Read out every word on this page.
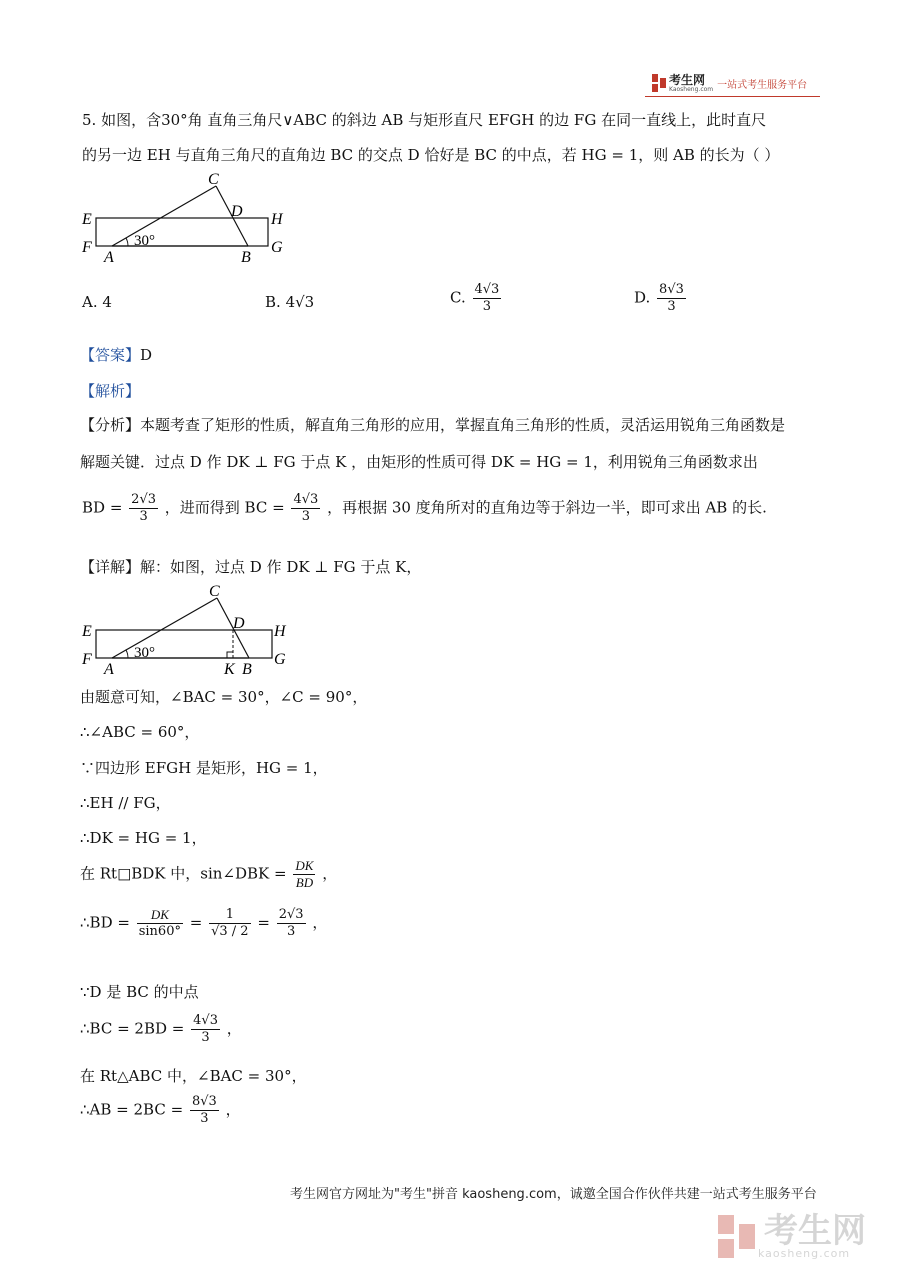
考生网
Kaosheng.com 一站式考生服务平台
5. 如图，含30°角 直角三角尺∨ABC 的斜边 AB 与矩形直尺 EFGH 的边 FG 在同一直线上，此时直尺
的另一边 EH 与直角三角尺的直角边 BC 的交点 D 恰好是 BC 的中点，若 HG = 1，则 AB 的长为（ ）
C
D
E	H
F	G
A	B
30°
A. 4	B. 4√3	C. $\frac{4√3}{3}$	D. $\frac{8√3}{3}$
【答案】D
【解析】
【分析】本题考查了矩形的性质，解直角三角形的应用，掌握直角三角形的性质，灵活运用锐角三角函数是
解题关键．过点 D 作 DK ⊥ FG 于点 K ，由矩形的性质可得 DK = HG = 1，利用锐角三角函数求出
BD = $\frac{2√3}{3}$ ，进而得到 BC = $\frac{4√3}{3}$ ，再根据 30 度角所对的直角边等于斜边一半，即可求出 AB 的长.
【详解】解：如图，过点 D 作 DK ⊥ FG 于点 K，
C
D
E	H
F	G
A	K B
30°
由题意可知，∠BAC = 30°，∠C = 90°，
∴∠ABC = 60°，
∵四边形 EFGH 是矩形，HG = 1，
∴EH // FG，
∴DK = HG = 1，
在 Rt□BDK 中，sin∠DBK = $\frac{DK}{BD}$ ，
∴BD = $\frac{DK}{\sin 60^\circ} = \frac{1}{√3 / 2} = \frac{2√3}{3}$ ，
∵D 是 BC 的中点
∴BC = $2BD = \frac{4√3}{3}$ ，
在 Rt△ABC 中，∠BAC = 30°，
∴AB = $2BC = \frac{8√3}{3}$ ，
考生网官方网址为"考生"拼音 kaosheng.com，诚邀全国合作伙伴共建一站式考生服务平台
考生网
kaosheng.com
